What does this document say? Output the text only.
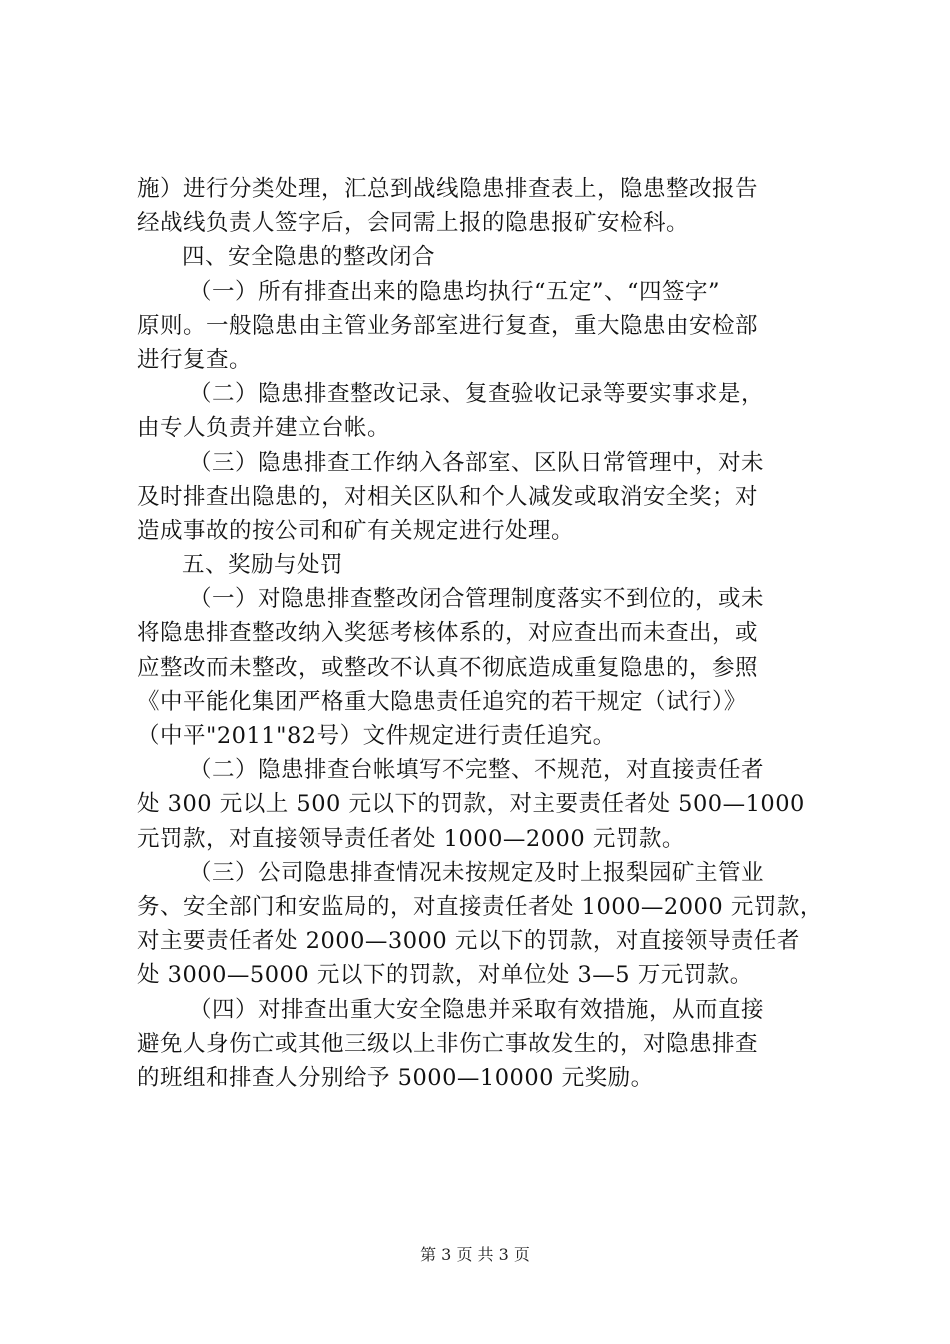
施）进行分类处理，汇总到战线隐患排查表上，隐患整改报告
经战线负责人签字后，会同需上报的隐患报矿安检科。
四、安全隐患的整改闭合
（一）所有排查出来的隐患均执行“五定”、“四签字”
原则。一般隐患由主管业务部室进行复查，重大隐患由安检部
进行复查。
（二）隐患排查整改记录、复查验收记录等要实事求是，
由专人负责并建立台帐。
（三）隐患排查工作纳入各部室、区队日常管理中，对未
及时排查出隐患的，对相关区队和个人减发或取消安全奖；对
造成事故的按公司和矿有关规定进行处理。
五、奖励与处罚
（一）对隐患排查整改闭合管理制度落实不到位的，或未
将隐患排查整改纳入奖惩考核体系的，对应查出而未查出，或
应整改而未整改，或整改不认真不彻底造成重复隐患的，参照
《中平能化集团严格重大隐患责任追究的若干规定（试行）》
（中平"2011"82号）文件规定进行责任追究。
（二）隐患排查台帐填写不完整、不规范，对直接责任者
处 300 元以上 500 元以下的罚款，对主要责任者处 500—1000
元罚款，对直接领导责任者处 1000—2000 元罚款。
（三）公司隐患排查情况未按规定及时上报梨园矿主管业
务、安全部门和安监局的，对直接责任者处 1000—2000 元罚款，
对主要责任者处 2000—3000 元以下的罚款，对直接领导责任者
处 3000—5000 元以下的罚款，对单位处 3—5 万元罚款。
（四）对排查出重大安全隐患并采取有效措施，从而直接
避免人身伤亡或其他三级以上非伤亡事故发生的，对隐患排查
的班组和排查人分别给予 5000—10000 元奖励。
第 3 页 共 3 页
